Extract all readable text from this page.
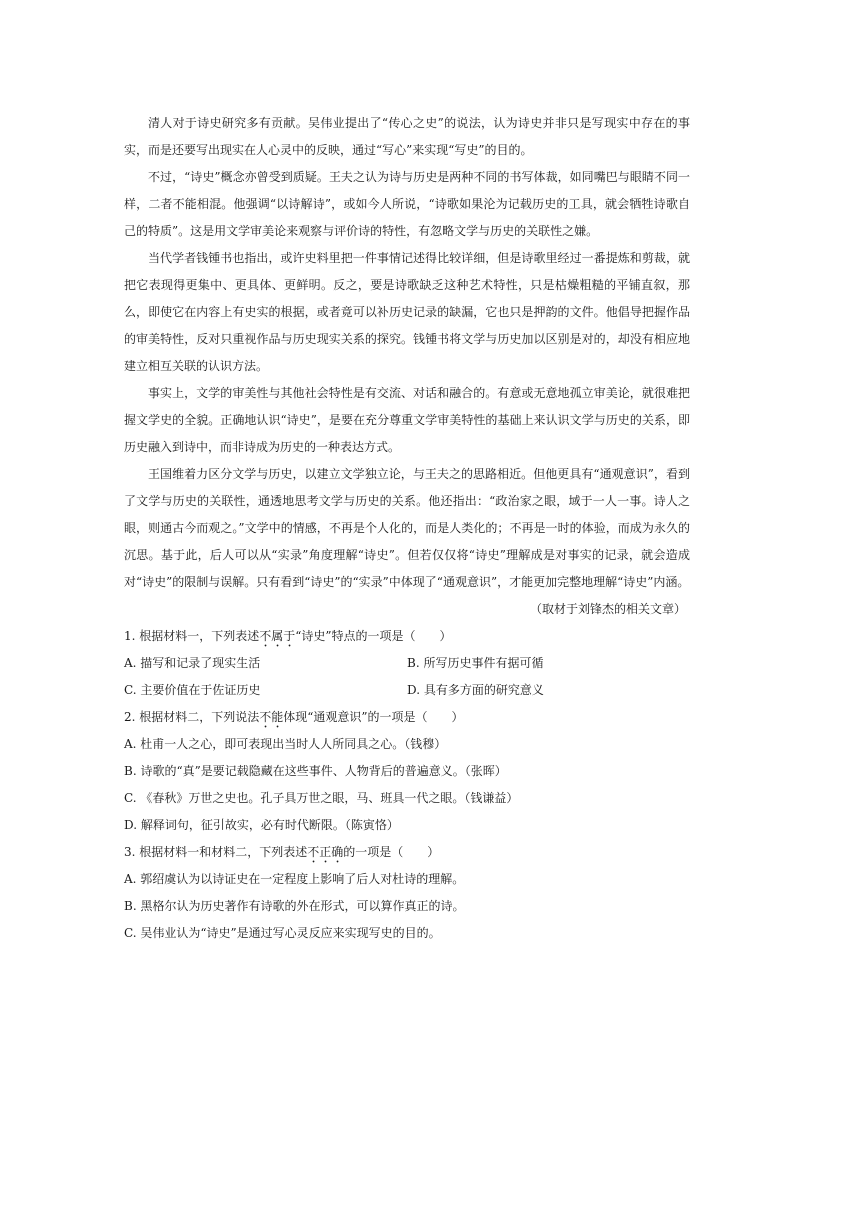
清人对于诗史研究多有贡献。吴伟业提出了“传心之史”的说法，认为诗史并非只是写现实中存在的事实，而是还要写出现实在人心灵中的反映，通过“写心”来实现“写史”的目的。

不过，“诗史”概念亦曾受到质疑。王夫之认为诗与历史是两种不同的书写体裁，如同嘴巴与眼睛不同一样，二者不能相混。他强调“以诗解诗”，或如今人所说，“诗歌如果沦为记载历史的工具，就会牺牲诗歌自己的特质”。这是用文学审美论来观察与评价诗的特性，有忽略文学与历史的关联性之嫌。

当代学者钱锺书也指出，或许史料里把一件事情记述得比较详细，但是诗歌里经过一番提炼和剪裁，就把它表现得更集中、更具体、更鲜明。反之，要是诗歌缺乏这种艺术特性，只是枯燥粗糙的平铺直叙，那么，即使它在内容上有史实的根据，或者竟可以补历史记录的缺漏，它也只是押韵的文件。他倡导把握作品的审美特性，反对只重视作品与历史现实关系的探究。钱锺书将文学与历史加以区别是对的，却没有相应地建立相互关联的认识方法。

事实上，文学的审美性与其他社会特性是有交流、对话和融合的。有意或无意地孤立审美论，就很难把握文学史的全貌。正确地认识“诗史”，是要在充分尊重文学审美特性的基础上来认识文学与历史的关系，即历史融入到诗中，而非诗成为历史的一种表达方式。

王国维着力区分文学与历史，以建立文学独立论，与王夫之的思路相近。但他更具有“通观意识”，看到了文学与历史的关联性，通透地思考文学与历史的关系。他还指出：“政治家之眼，域于一人一事。诗人之眼，则通古今而观之。”文学中的情感，不再是个人化的，而是人类化的；不再是一时的体验，而成为永久的沉思。基于此，后人可以从“实录”角度理解“诗史”。但若仅仅将“诗史”理解成是对事实的记录，就会造成对“诗史”的限制与误解。只有看到“诗史”的“实录”中体现了“通观意识”，才能更加完整地理解“诗史”内涵。

（取材于刘锋杰的相关文章）

1. 根据材料一，下列表述不属于“诗史”特点的一项是（　　）

A. 描写和记录了现实生活	B. 所写历史事件有据可循

C. 主要价值在于佐证历史	D. 具有多方面的研究意义

2. 根据材料二，下列说法不能体现“通观意识”的一项是（　　）

A. 杜甫一人之心，即可表现出当时人人所同具之心。（钱穆）

B. 诗歌的“真”是要记载隐藏在这些事件、人物背后的普遍意义。（张晖）

C. 《春秋》万世之史也。孔子具万世之眼，马、班具一代之眼。（钱谦益）

D. 解释词句，征引故实，必有时代断限。（陈寅恪）

3. 根据材料一和材料二，下列表述不正确的一项是（　　）

A. 郭绍虞认为以诗证史在一定程度上影响了后人对杜诗的理解。

B. 黑格尔认为历史著作有诗歌的外在形式，可以算作真正的诗。

C. 吴伟业认为“诗史”是通过写心灵反应来实现写史的目的。
